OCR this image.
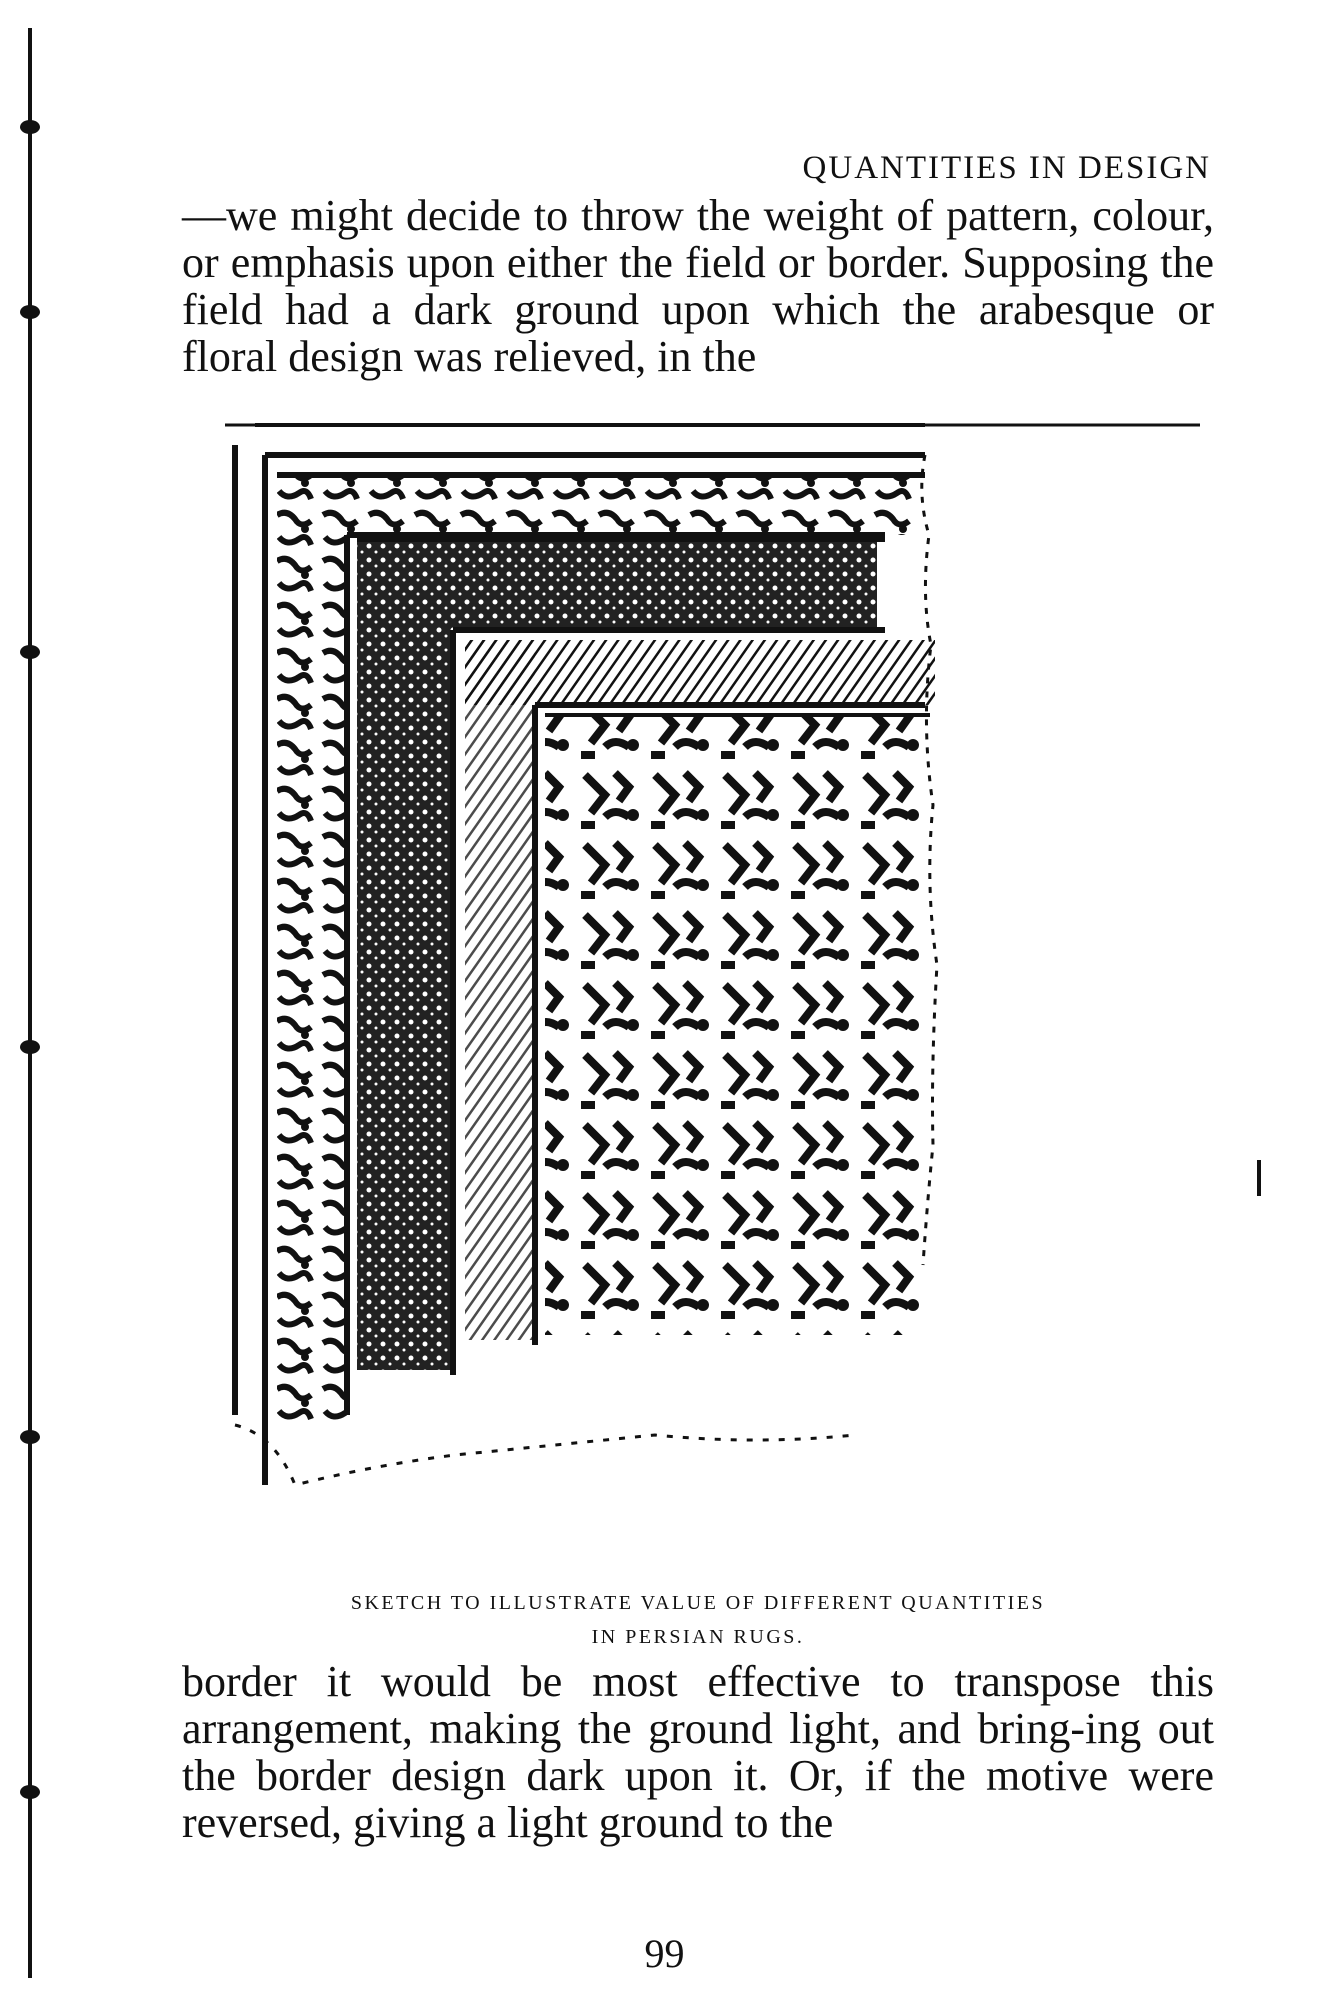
QUANTITIES IN DESIGN
—we might decide to throw the weight of pattern, colour, or emphasis upon either the field or border. Supposing the field had a dark ground upon which the arabesque or floral design was relieved, in the
SKETCH TO ILLUSTRATE VALUE OF DIFFERENT QUANTITIES
IN PERSIAN RUGS.
border it would be most effective to transpose this arrangement, making the ground light, and bring-ing out the border design dark upon it. Or, if the motive were reversed, giving a light ground to the
99
